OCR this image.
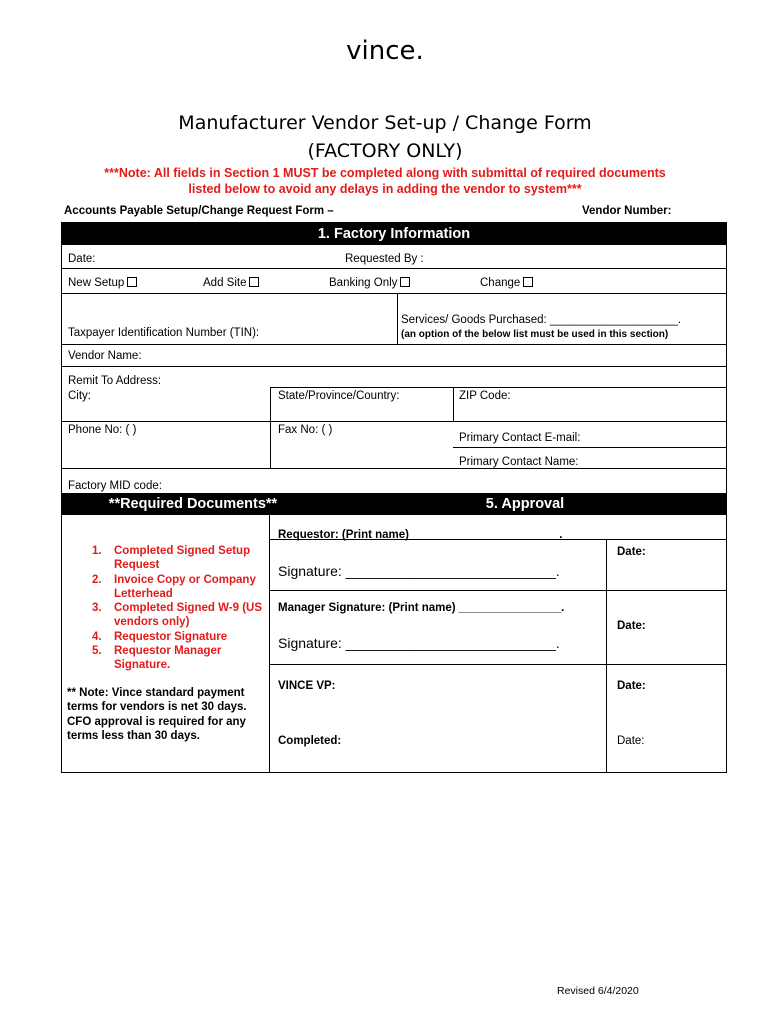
vince.
Manufacturer Vendor Set-up / Change Form
(FACTORY ONLY)
***Note: All fields in Section 1 MUST be completed along with submittal of required documents
listed below to avoid any delays in adding the vendor to system***
Accounts Payable Setup/Change Request Form –	Vendor Number:
1. Factory Information
Date:	Requested By :
New Setup	Add Site	Banking Only	Change
Services/ Goods Purchased: ____________________.
(an option of the below list must be used in this section)
Taxpayer Identification Number (TIN):
Vendor Name:
Remit To Address:
City:	State/Province/Country:	ZIP Code:
Phone No: ( )	Fax No: ( )
Primary Contact E-mail:
Primary Contact Name:
Factory MID code:
**Required Documents**	5. Approval
1. Completed Signed Setup Request
2. Invoice Copy or Company Letterhead
3. Completed Signed W-9 (US vendors only)
4. Requestor Signature
5. Requestor Manager Signature.
** Note: Vince standard payment terms for vendors is net 30 days. CFO approval is required for any terms less than 30 days.
Requestor: (Print name) _______________________.
Signature: ___________________________.
Date:
Manager Signature: (Print name) ________________.
Signature: ___________________________.
Date:
VINCE VP:	Date:
Completed:	Date:
Revised 6/4/2020
